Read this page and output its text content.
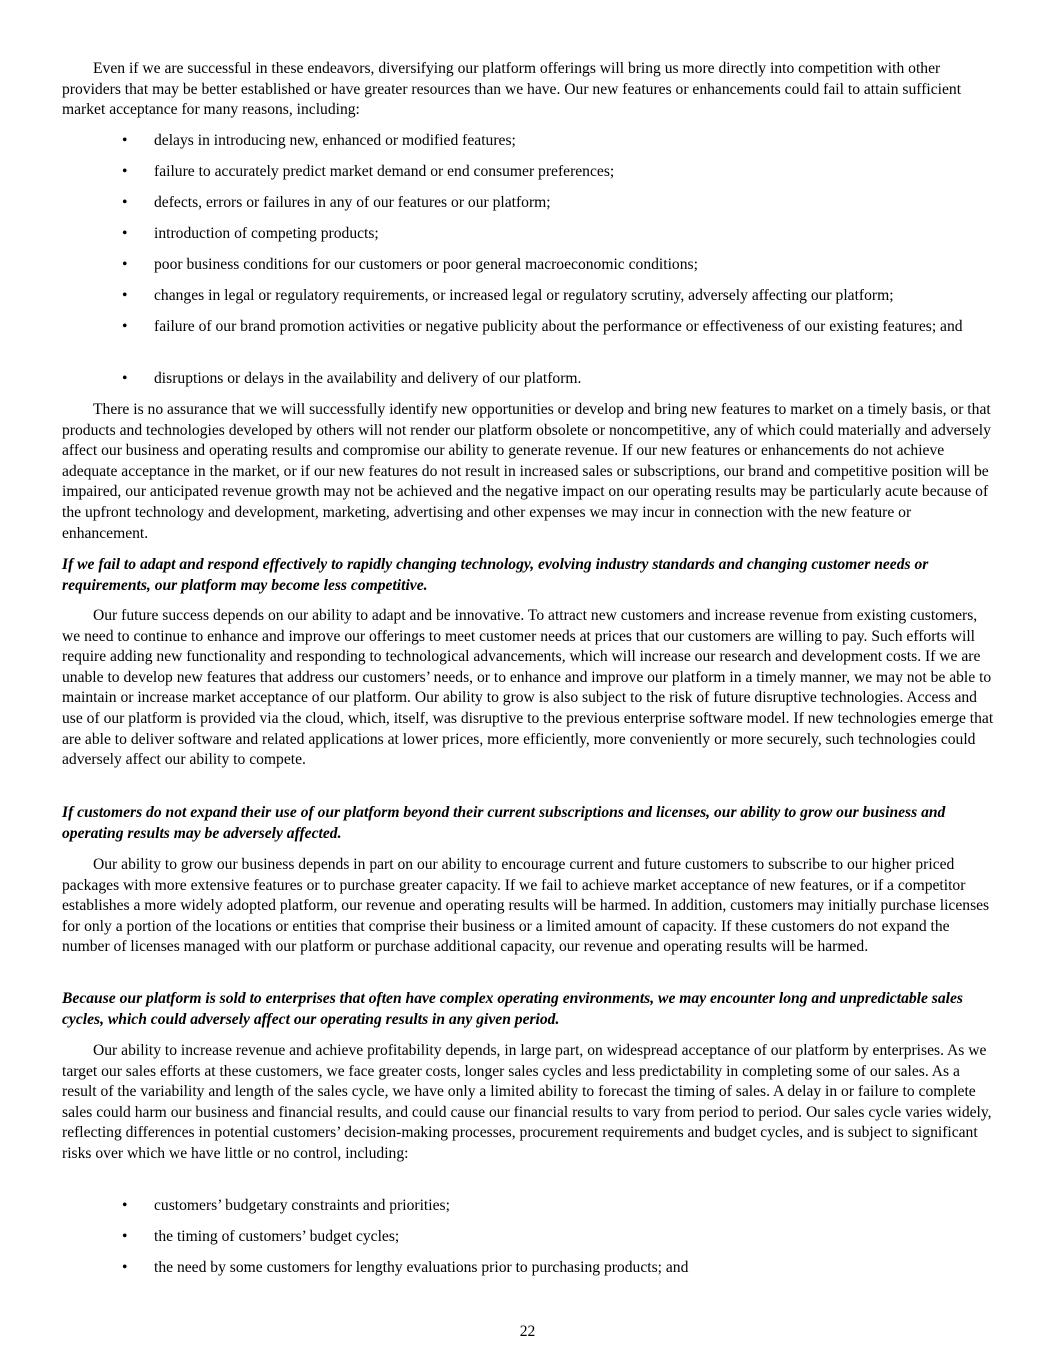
Even if we are successful in these endeavors, diversifying our platform offerings will bring us more directly into competition with other providers that may be better established or have greater resources than we have. Our new features or enhancements could fail to attain sufficient market acceptance for many reasons, including:

• delays in introducing new, enhanced or modified features;
• failure to accurately predict market demand or end consumer preferences;
• defects, errors or failures in any of our features or our platform;
• introduction of competing products;
• poor business conditions for our customers or poor general macroeconomic conditions;
• changes in legal or regulatory requirements, or increased legal or regulatory scrutiny, adversely affecting our platform;
• failure of our brand promotion activities or negative publicity about the performance or effectiveness of our existing features; and
• disruptions or delays in the availability and delivery of our platform.

There is no assurance that we will successfully identify new opportunities or develop and bring new features to market on a timely basis, or that products and technologies developed by others will not render our platform obsolete or noncompetitive, any of which could materially and adversely affect our business and operating results and compromise our ability to generate revenue. If our new features or enhancements do not achieve adequate acceptance in the market, or if our new features do not result in increased sales or subscriptions, our brand and competitive position will be impaired, our anticipated revenue growth may not be achieved and the negative impact on our operating results may be particularly acute because of the upfront technology and development, marketing, advertising and other expenses we may incur in connection with the new feature or enhancement.

If we fail to adapt and respond effectively to rapidly changing technology, evolving industry standards and changing customer needs or requirements, our platform may become less competitive.

Our future success depends on our ability to adapt and be innovative. To attract new customers and increase revenue from existing customers, we need to continue to enhance and improve our offerings to meet customer needs at prices that our customers are willing to pay. Such efforts will require adding new functionality and responding to technological advancements, which will increase our research and development costs. If we are unable to develop new features that address our customers’ needs, or to enhance and improve our platform in a timely manner, we may not be able to maintain or increase market acceptance of our platform. Our ability to grow is also subject to the risk of future disruptive technologies. Access and use of our platform is provided via the cloud, which, itself, was disruptive to the previous enterprise software model. If new technologies emerge that are able to deliver software and related applications at lower prices, more efficiently, more conveniently or more securely, such technologies could adversely affect our ability to compete.

If customers do not expand their use of our platform beyond their current subscriptions and licenses, our ability to grow our business and operating results may be adversely affected.

Our ability to grow our business depends in part on our ability to encourage current and future customers to subscribe to our higher priced packages with more extensive features or to purchase greater capacity. If we fail to achieve market acceptance of new features, or if a competitor establishes a more widely adopted platform, our revenue and operating results will be harmed. In addition, customers may initially purchase licenses for only a portion of the locations or entities that comprise their business or a limited amount of capacity. If these customers do not expand the number of licenses managed with our platform or purchase additional capacity, our revenue and operating results will be harmed.

Because our platform is sold to enterprises that often have complex operating environments, we may encounter long and unpredictable sales cycles, which could adversely affect our operating results in any given period.

Our ability to increase revenue and achieve profitability depends, in large part, on widespread acceptance of our platform by enterprises. As we target our sales efforts at these customers, we face greater costs, longer sales cycles and less predictability in completing some of our sales. As a result of the variability and length of the sales cycle, we have only a limited ability to forecast the timing of sales. A delay in or failure to complete sales could harm our business and financial results, and could cause our financial results to vary from period to period. Our sales cycle varies widely, reflecting differences in potential customers’ decision-making processes, procurement requirements and budget cycles, and is subject to significant risks over which we have little or no control, including:

• customers’ budgetary constraints and priorities;
• the timing of customers’ budget cycles;
• the need by some customers for lengthy evaluations prior to purchasing products; and
22
